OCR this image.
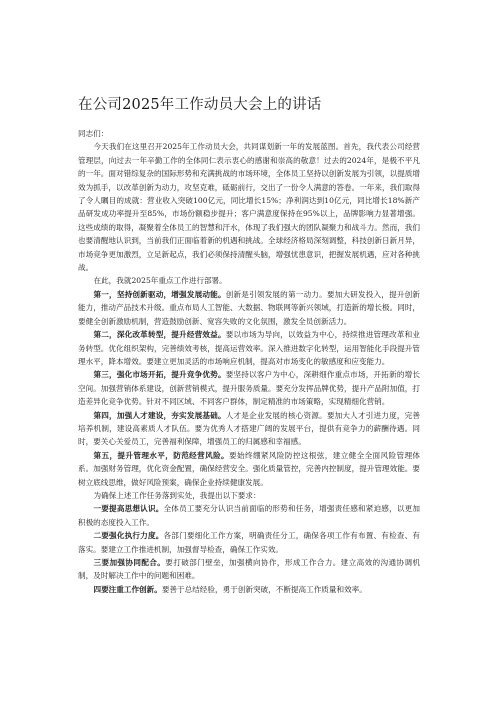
在公司2025年工作动员大会上的讲话

同志们：

今天我们在这里召开2025年工作动员大会，共同谋划新一年的发展蓝图。首先，我代表公司经营管理层，向过去一年辛勤工作的全体同仁表示衷心的感谢和崇高的敬意！过去的2024年，是极不平凡的一年。面对错综复杂的国际形势和充满挑战的市场环境，全体员工坚持以创新发展为引领，以提质增效为抓手，以改革创新为动力，攻坚克难，砥砺前行，交出了一份令人满意的答卷。一年来，我们取得了令人瞩目的成就：营业收入突破100亿元，同比增长15%；净利润达到10亿元，同比增长18%新产品研发成功率提升至85%，市场份额稳步提升；客户满意度保持在95%以上，品牌影响力显著增强。这些成绩的取得，凝聚着全体员工的智慧和汗水，体现了我们强大的团队凝聚力和战斗力。然而，我们也要清醒地认识到，当前我们正面临着新的机遇和挑战。全球经济格局深刻调整，科技创新日新月异，市场竞争更加激烈，立足新起点，我们必须保持清醒头脑，增强忧患意识，把握发展机遇，应对各种挑战。

在此，我就2025年重点工作进行部署。

第一，坚持创新驱动，增强发展动能。创新是引领发展的第一动力。要加大研发投入，提升创新能力，推动产品技术升级。重点布局人工智能、大数据、物联网等新兴领域，打造新的增长极。同时，要健全创新激励机制，营造鼓励创新、宽容失败的文化氛围，激发全员创新活力。

第二，深化改革转型，提升经营效益。要以市场为导向，以效益为中心，持续推进管理改革和业务转型。优化组织架构，完善绩效考核，提高运营效率。深入推进数字化转型，运用智能化手段提升管理水平，降本增效。要建立更加灵活的市场响应机制，提高对市场变化的敏感度和应变能力。

第三，强化市场开拓，提升竞争优势。要坚持以客户为中心，深耕细作重点市场，开拓新的增长空间。加强营销体系建设，创新营销模式，提升服务质量。要充分发挥品牌优势，提升产品附加值，打造差异化竞争优势。针对不同区域、不同客户群体，制定精准的市场策略，实现精细化营销。

第四，加强人才建设，夯实发展基础。人才是企业发展的核心资源。要加大人才引进力度，完善培养机制，建设高素质人才队伍。要为优秀人才搭建广阔的发展平台，提供有竞争力的薪酬待遇。同时，要关心关爱员工，完善福利保障，增强员工的归属感和幸福感。

第五，提升管理水平，防范经营风险。要始终绷紧风险防控这根弦，建立健全全面风险管理体系。加强财务管理，优化资金配置，确保经营安全。强化质量管控，完善内控制度，提升管理效能。要树立底线思维，做好风险预案，确保企业持续健康发展。

为确保上述工作任务落到实处，我提出以下要求：

一要提高思想认识。全体员工要充分认识当前面临的形势和任务，增强责任感和紧迫感，以更加积极的态度投入工作。

二要强化执行力度。各部门要细化工作方案，明确责任分工，确保各项工作有布置、有检查、有落实。要建立工作推进机制，加强督导检查，确保工作实效。

三要加强协同配合。要打破部门壁垒，加强横向协作，形成工作合力。建立高效的沟通协调机制，及时解决工作中的问题和困难。

四要注重工作创新。要善于总结经验，勇于创新突破，不断提高工作质量和效率。
